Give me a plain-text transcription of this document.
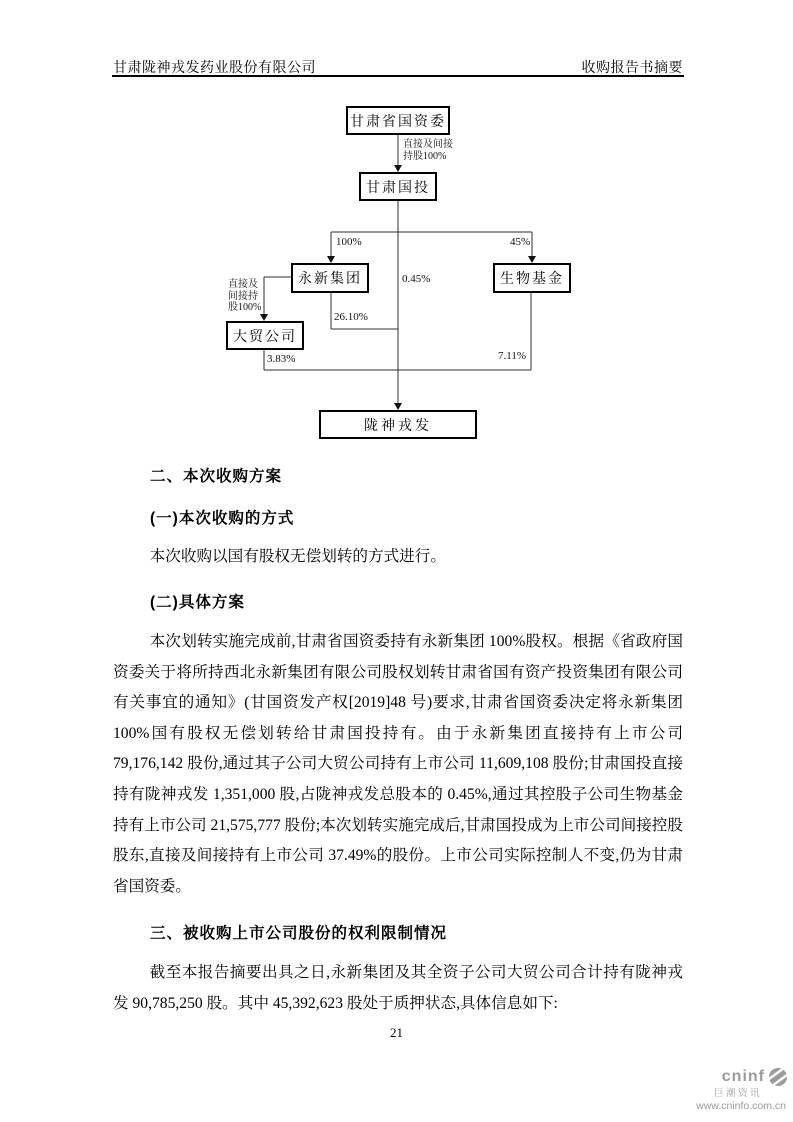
甘肃陇神戎发药业股份有限公司	收购报告书摘要
甘肃省国资委
甘肃国投
永新集团	生物基金
大贸公司
陇神戎发
直接及间接
持股100%
100%	45%
0.45%
直接及
间接持
股100%
26.10%
3.83%	7.11%
二、本次收购方案
(一)本次收购的方式
本次收购以国有股权无偿划转的方式进行。
(二)具体方案
本次划转实施完成前,甘肃省国资委持有永新集团 100%股权。根据《省政府国资委关于将所持西北永新集团有限公司股权划转甘肃省国有资产投资集团有限公司有关事宜的通知》(甘国资发产权[2019]48 号)要求,甘肃省国资委决定将永新集团 100%国有股权无偿划转给甘肃国投持有。由于永新集团直接持有上市公司 79,176,142 股份,通过其子公司大贸公司持有上市公司 11,609,108 股份;甘肃国投直接持有陇神戎发 1,351,000 股,占陇神戎发总股本的 0.45%,通过其控股子公司生物基金持有上市公司 21,575,777 股份;本次划转实施完成后,甘肃国投成为上市公司间接控股股东,直接及间接持有上市公司 37.49%的股份。上市公司实际控制人不变,仍为甘肃省国资委。
三、被收购上市公司股份的权利限制情况
截至本报告摘要出具之日,永新集团及其全资子公司大贸公司合计持有陇神戎发 90,785,250 股。其中 45,392,623 股处于质押状态,具体信息如下:
21
cninf
巨潮资讯
www.cninfo.com.cn
